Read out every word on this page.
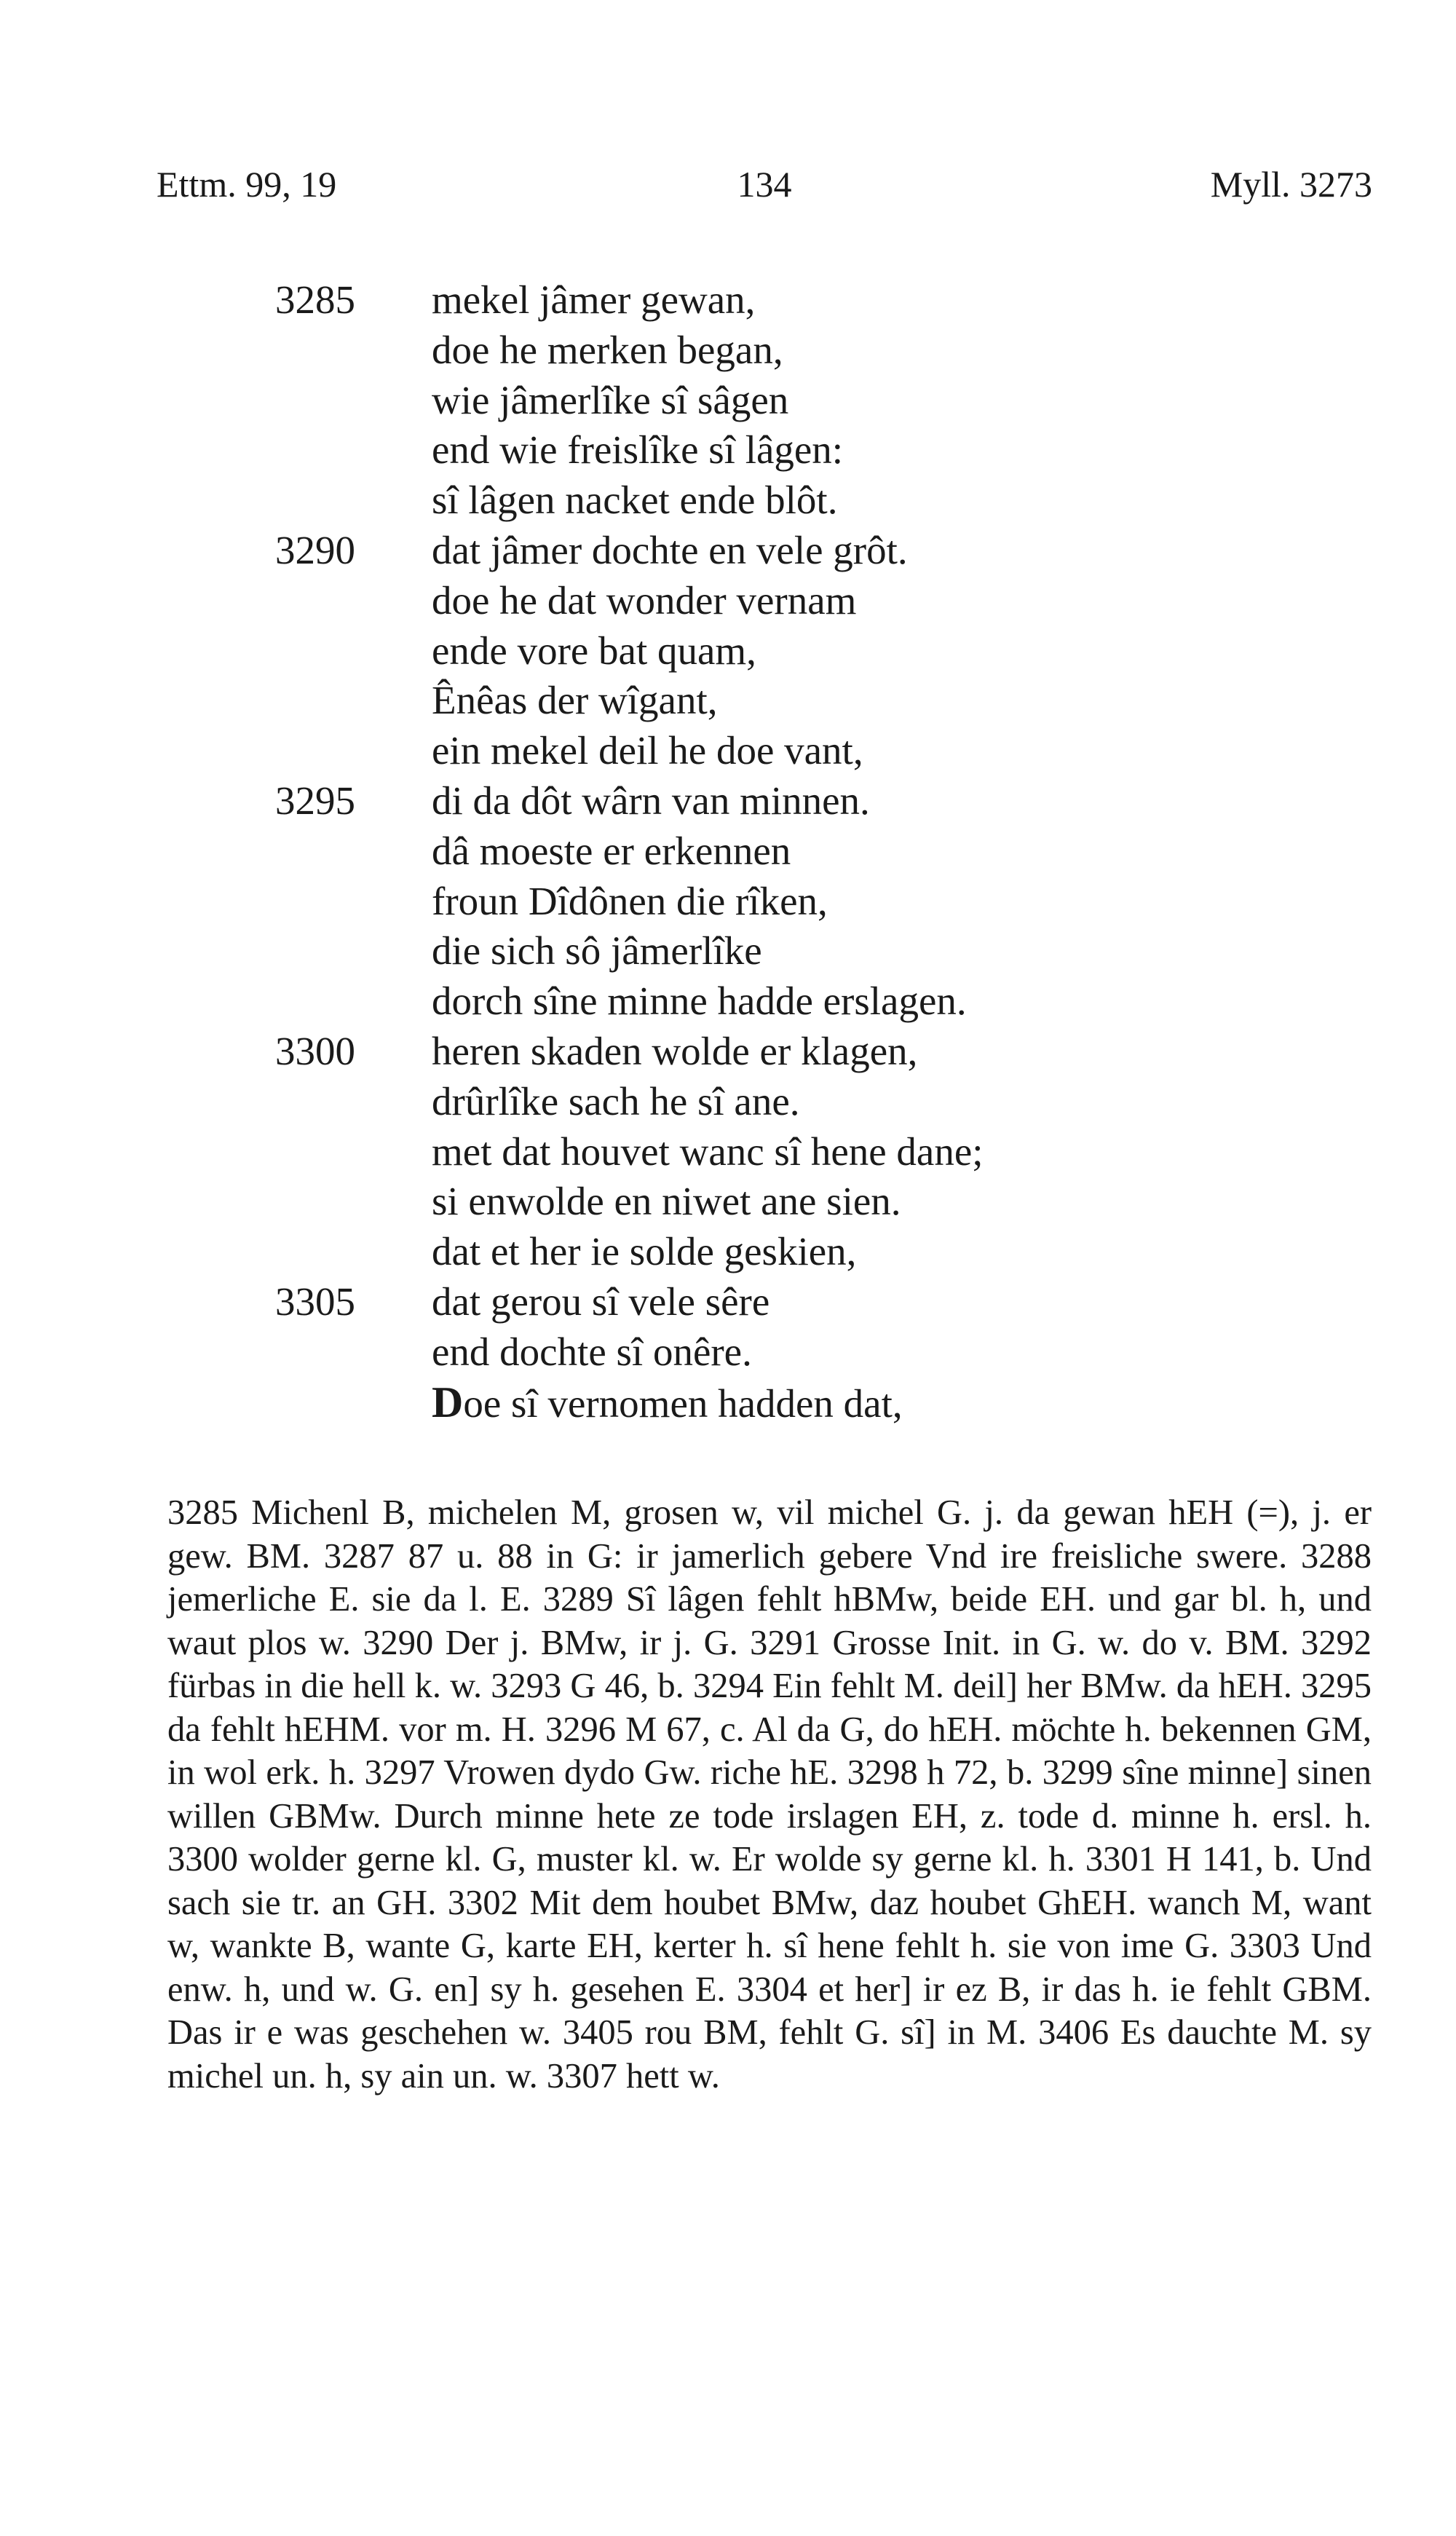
Ettm. 99, 19	134	Myll. 3273
3285	mekel jâmer gewan,
doe he merken began,
wie jâmerlîke sî sâgen
end wie freislîke sî lâgen:
sî lâgen nacket ende blôt.
3290	dat jâmer dochte en vele grôt.
doe he dat wonder vernam
ende vore bat quam,
Ênêas der wîgant,
ein mekel deil he doe vant,
3295	di da dôt wârn van minnen.
dâ moeste er erkennen
froun Dîdônen die rîken,
die sich sô jâmerlîke
dorch sîne minne hadde erslagen.
3300	heren skaden wolde er klagen,
drûrlîke sach he sî ane.
met dat houvet wanc sî hene dane;
si enwolde en niwet ane sien.
dat et her ie solde geskien,
3305	dat gerou sî vele sêre
end dochte sî onêre.
Doe sî vernomen hadden dat,
3285 Michenl B, michelen M, grosen w, vil michel G. j. da gewan hEH (=), j. er gew. BM. 3287 87 u. 88 in G: ir jamerlich gebere Vnd ire freisliche swere. 3288 jemerliche E. sie da l. E. 3289 Sî lâgen fehlt hBMw, beide EH. und gar bl. h, und waut plos w. 3290 Der j. BMw, ir j. G. 3291 Grosse Init. in G. w. do v. BM. 3292 fürbas in die hell k. w. 3293 G 46, b. 3294 Ein fehlt M. deil] her BMw. da hEH. 3295 da fehlt hEHM. vor m. H. 3296 M 67, c. Al da G, do hEH. möchte h. bekennen GM, in wol erk. h. 3297 Vrowen dydo Gw. riche hE. 3298 h 72, b. 3299 sîne minne] sinen willen GBMw. Durch minne hete ze tode irslagen EH, z. tode d. minne h. ersl. h. 3300 wolder gerne kl. G, muster kl. w. Er wolde sy gerne kl. h. 3301 H 141, b. Und sach sie tr. an GH. 3302 Mit dem houbet BMw, daz houbet GhEH. wanch M, want w, wankte B, wante G, karte EH, kerter h. sî hene fehlt h. sie von ime G. 3303 Und enw. h, und w. G. en] sy h. gesehen E. 3304 et her] ir ez B, ir das h. ie fehlt GBM. Das ir e was geschehen w. 3405 rou BM, fehlt G. sî] in M. 3406 Es dauchte M. sy michel un. h, sy ain un. w. 3307 hett w.
